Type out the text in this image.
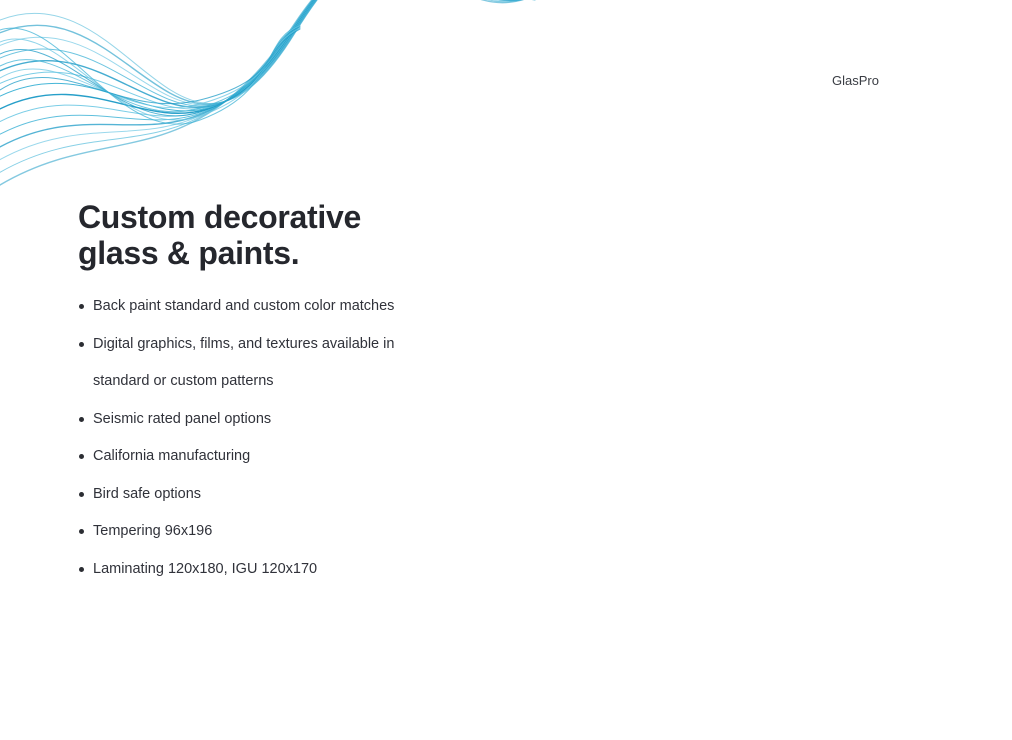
GlasPro
Custom decorative
glass & paints.
Back paint standard and custom color matches
Digital graphics, films, and textures available in standard or custom patterns
Seismic rated panel options
California manufacturing
Bird safe options
Tempering 96x196
Laminating 120x180, IGU 120x170
